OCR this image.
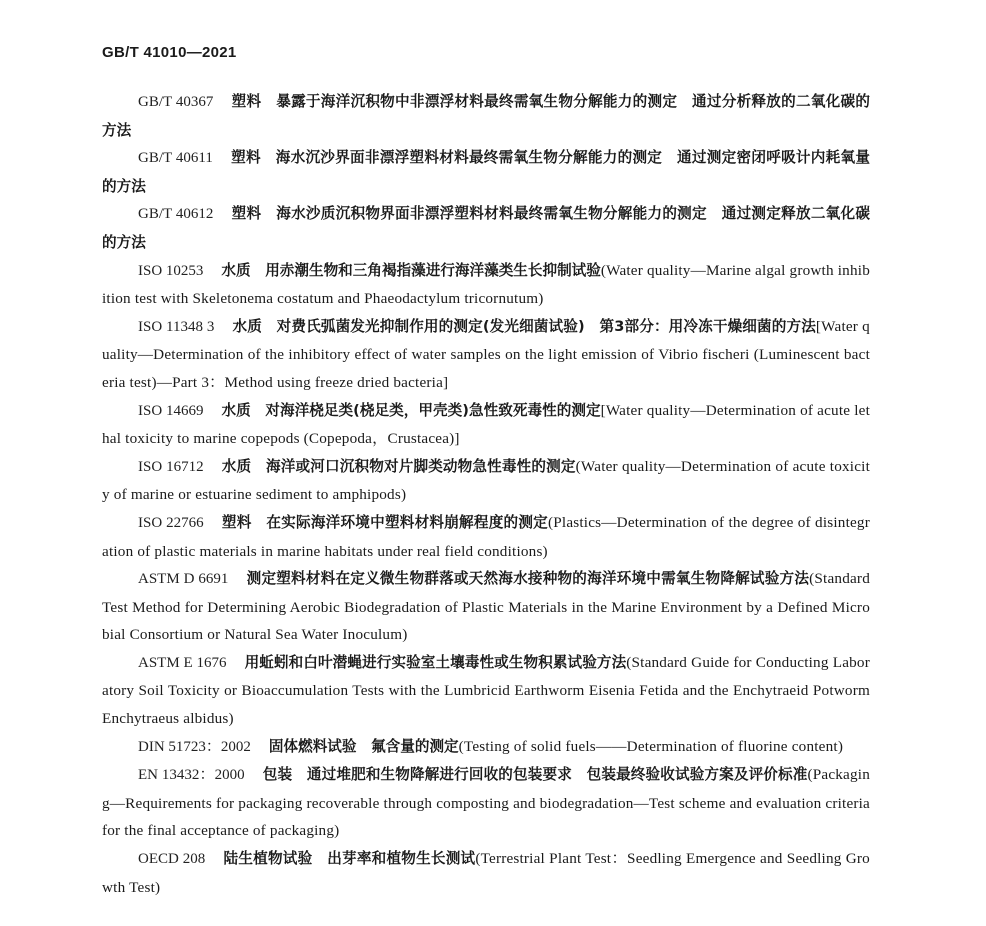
GB/T 41010—2021

GB/T 40367 塑料　暴露于海洋沉积物中非漂浮材料最终需氧生物分解能力的测定　通过分析释放的二氧化碳的方法

GB/T 40611 塑料　海水沉沙界面非漂浮塑料材料最终需氧生物分解能力的测定　通过测定密闭呼吸计内耗氧量的方法

GB/T 40612 塑料　海水沙质沉积物界面非漂浮塑料材料最终需氧生物分解能力的测定　通过测定释放二氧化碳的方法

ISO 10253 水质　用赤潮生物和三角褐指藻进行海洋藻类生长抑制试验(Water quality—Marine algal growth inhibition test with Skeletonema costatum and Phaeodactylum tricornutum)

ISO 11348 3 水质　对费氏弧菌发光抑制作用的测定(发光细菌试验)　第3部分：用冷冻干燥细菌的方法[Water quality—Determination of the inhibitory effect of water samples on the light emission of Vibrio fischeri (Luminescent bacteria test)—Part 3：Method using freeze dried bacteria]

ISO 14669 水质　对海洋桡足类(桡足类，甲壳类)急性致死毒性的测定[Water quality—Determination of acute lethal toxicity to marine copepods (Copepoda，Crustacea)]

ISO 16712 水质　海洋或河口沉积物对片脚类动物急性毒性的测定(Water quality—Determination of acute toxicity of marine or estuarine sediment to amphipods)

ISO 22766 塑料　在实际海洋环境中塑料材料崩解程度的测定(Plastics—Determination of the degree of disintegration of plastic materials in marine habitats under real field conditions)

ASTM D 6691 测定塑料材料在定义微生物群落或天然海水接种物的海洋环境中需氧生物降解试验方法(Standard Test Method for Determining Aerobic Biodegradation of Plastic Materials in the Marine Environment by a Defined Microbial Consortium or Natural Sea Water Inoculum)

ASTM E 1676 用蚯蚓和白叶潜蝇进行实验室土壤毒性或生物积累试验方法(Standard Guide for Conducting Laboratory Soil Toxicity or Bioaccumulation Tests with the Lumbricid Earthworm Eisenia Fetida and the Enchytraeid Potworm Enchytraeus albidus)

DIN 51723：2002 固体燃料试验　氟含量的测定(Testing of solid fuels——Determination of fluorine content)

EN 13432：2000 包装　通过堆肥和生物降解进行回收的包装要求　包装最终验收试验方案及评价标准(Packaging—Requirements for packaging recoverable through composting and biodegradation—Test scheme and evaluation criteria for the final acceptance of packaging)

OECD 208 陆生植物试验　出芽率和植物生长测试(Terrestrial Plant Test：Seedling Emergence and Seedling Growth Test)
